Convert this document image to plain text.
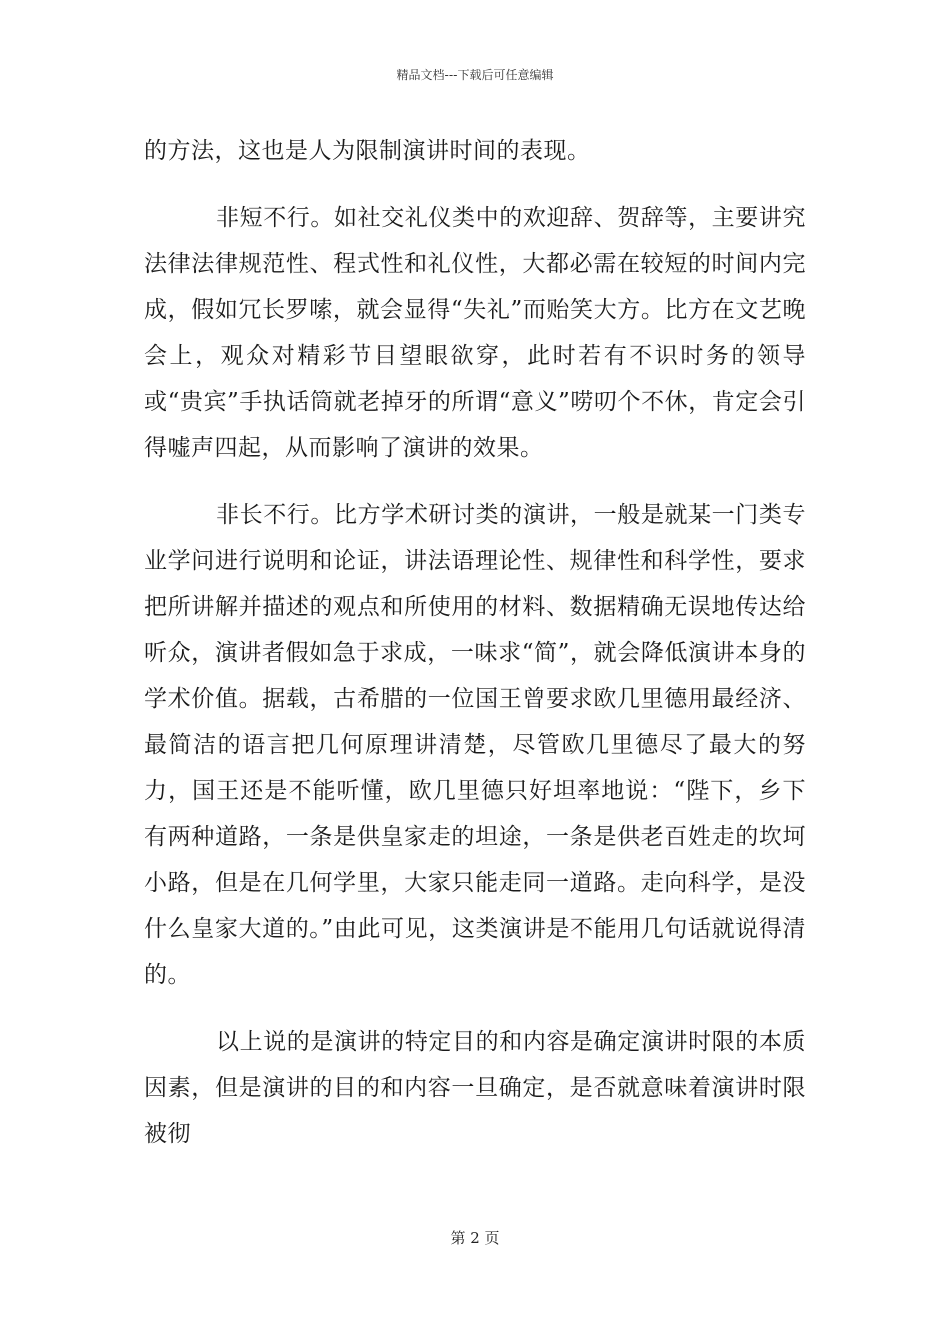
精品文档---下载后可任意编辑

的方法，这也是人为限制演讲时间的表现。

非短不行。如社交礼仪类中的欢迎辞、贺辞等，主要讲究法律法律规范性、程式性和礼仪性，大都必需在较短的时间内完成，假如冗长罗嗦，就会显得“失礼”而贻笑大方。比方在文艺晚会上，观众对精彩节目望眼欲穿，此时若有不识时务的领导或“贵宾”手执话筒就老掉牙的所谓“意义”唠叨个不休，肯定会引得嘘声四起，从而影响了演讲的效果。

非长不行。比方学术研讨类的演讲，一般是就某一门类专业学问进行说明和论证，讲法语理论性、规律性和科学性，要求把所讲解并描述的观点和所使用的材料、数据精确无误地传达给听众，演讲者假如急于求成，一味求“简”，就会降低演讲本身的学术价值。据载，古希腊的一位国王曾要求欧几里德用最经济、最简洁的语言把几何原理讲清楚，尽管欧几里德尽了最大的努力，国王还是不能听懂，欧几里德只好坦率地说：“陛下，乡下有两种道路，一条是供皇家走的坦途，一条是供老百姓走的坎坷小路，但是在几何学里，大家只能走同一道路。走向科学，是没什么皇家大道的。”由此可见，这类演讲是不能用几句话就说得清的。

以上说的是演讲的特定目的和内容是确定演讲时限的本质因素，但是演讲的目的和内容一旦确定，是否就意味着演讲时限被彻

第 2 页
